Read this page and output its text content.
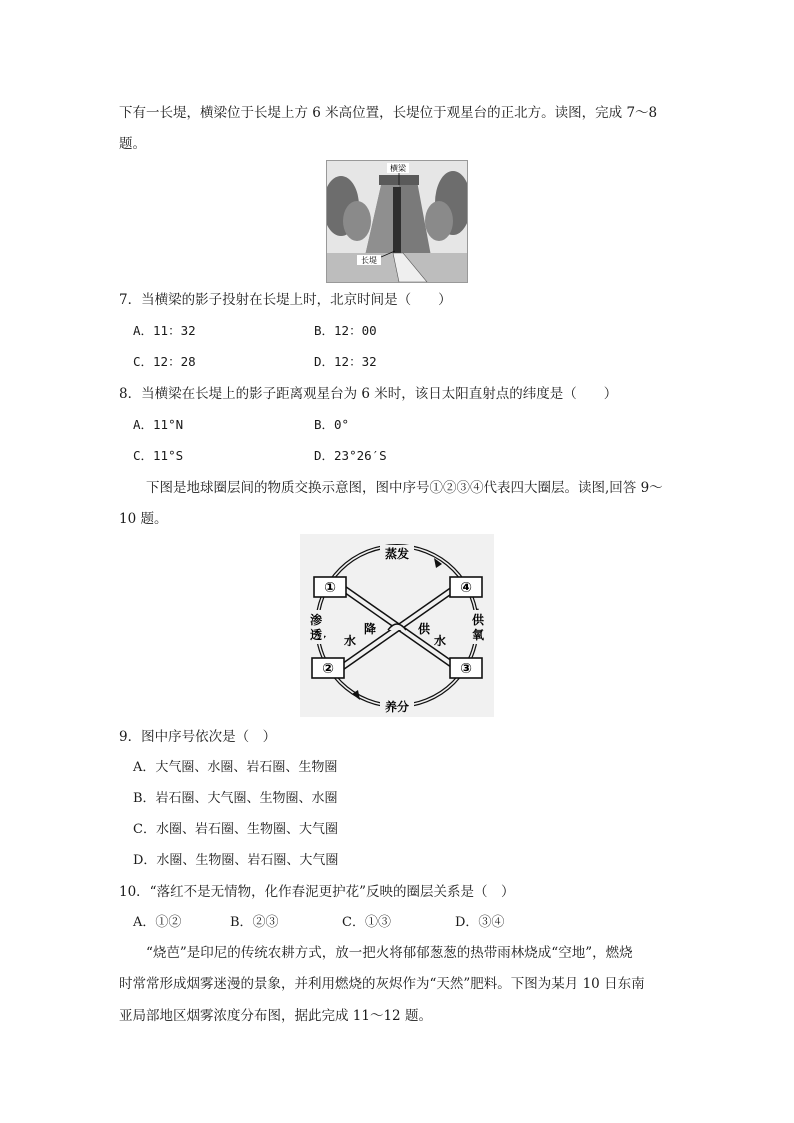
下有一长堤，横梁位于长堤上方 6 米高位置，长堤位于观星台的正北方。读图，完成 7～8
题。
横梁
长堤
7．当横梁的影子投射在长堤上时，北京时间是（　　）
A．11：32	B．12：00
C．12：28	D．12：32
8．当横梁在长堤上的影子距离观星台为 6 米时，该日太阳直射点的纬度是（　　）
A．11°N	B．0°
C．11°S	D．23°26′S
下图是地球圈层间的物质交换示意图，图中序号①②③④代表四大圈层。读图,回答 9～
10 题。
①	④
②	③
蒸发
养分
渗
透
供
氧
水
降	供
水
9．图中序号依次是（　）
A．大气圈、水圈、岩石圈、生物圈
B．岩石圈、大气圈、生物圈、水圈
C．水圈、岩石圈、生物圈、大气圈
D．水圈、生物圈、岩石圈、大气圈
10．“落红不是无情物，化作春泥更护花”反映的圈层关系是（　）
A．①②	B．②③	C．①③	D．③④
“烧芭”是印尼的传统农耕方式，放一把火将郁郁葱葱的热带雨林烧成“空地”，燃烧
时常常形成烟雾迷漫的景象，并利用燃烧的灰烬作为“天然”肥料。下图为某月 10 日东南
亚局部地区烟雾浓度分布图，据此完成 11～12 题。
